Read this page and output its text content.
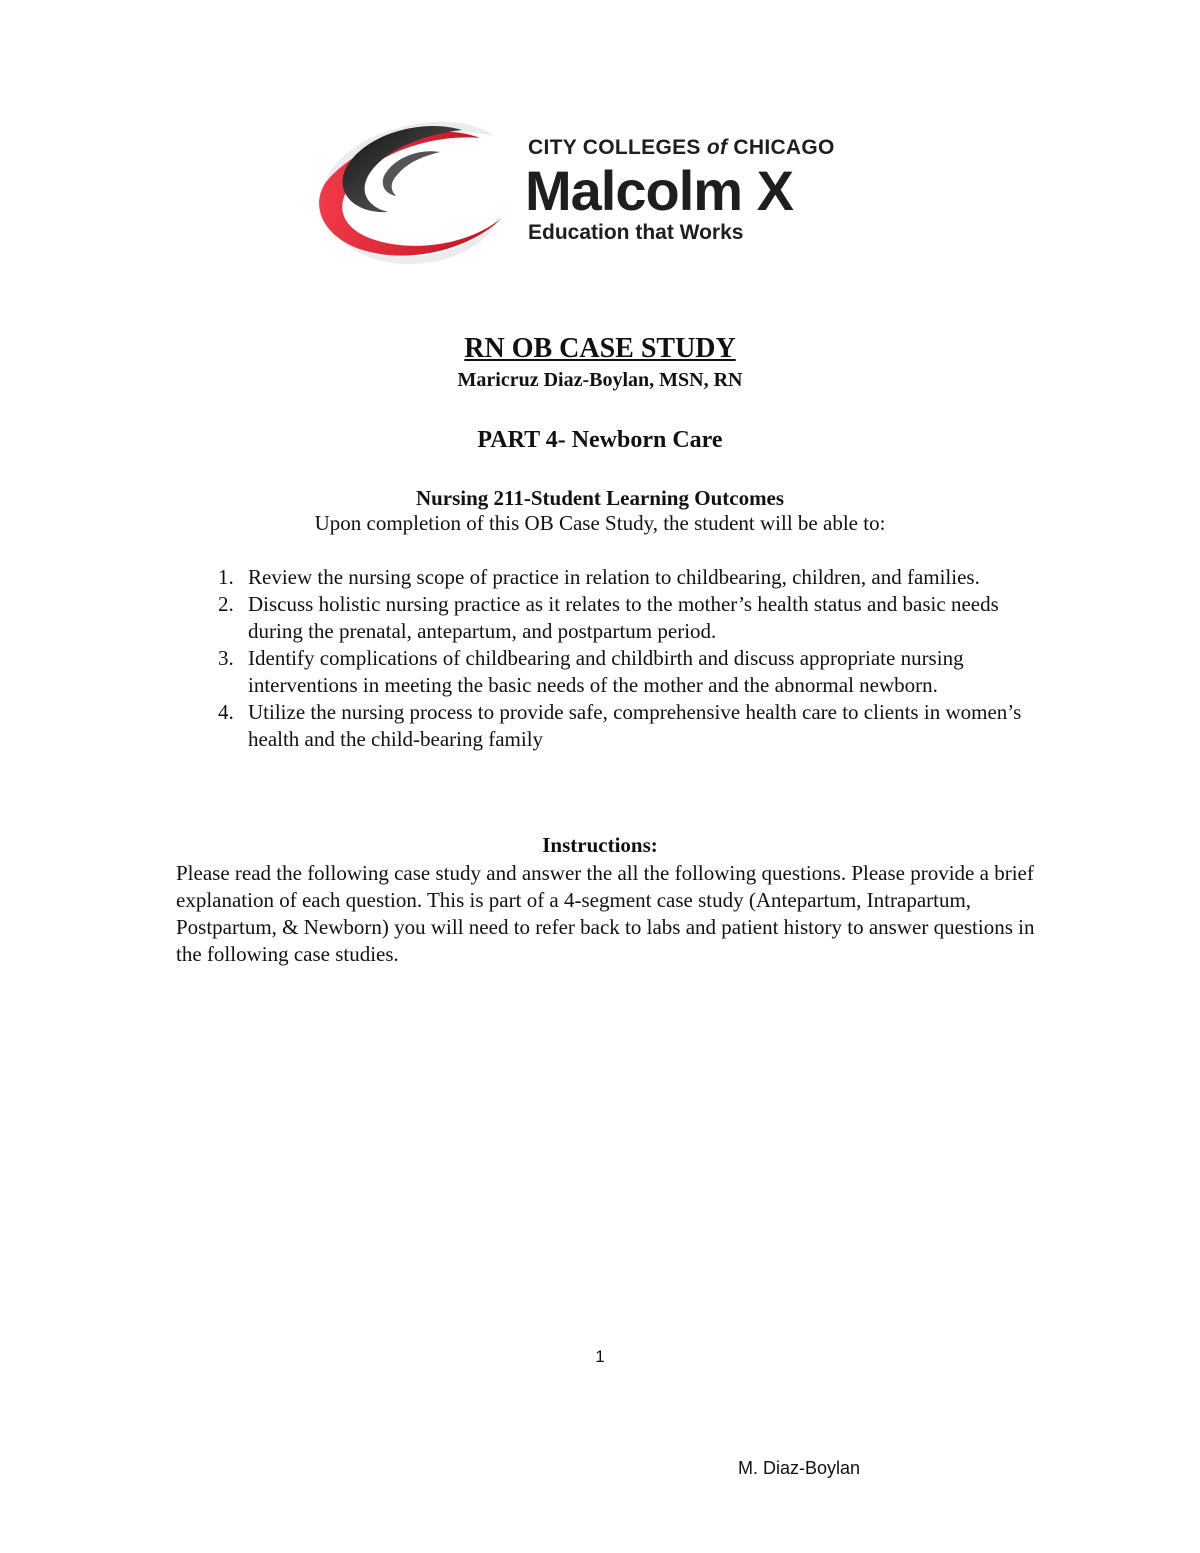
CITY COLLEGES of CHICAGO
Malcolm X
Education that Works
RN OB CASE STUDY
Maricruz Diaz-Boylan, MSN, RN
PART 4- Newborn Care
Nursing 211-Student Learning Outcomes
Upon completion of this OB Case Study, the student will be able to:
1. Review the nursing scope of practice in relation to childbearing, children, and families.
2. Discuss holistic nursing practice as it relates to the mother’s health status and basic needs during the prenatal, antepartum, and postpartum period.
3. Identify complications of childbearing and childbirth and discuss appropriate nursing interventions in meeting the basic needs of the mother and the abnormal newborn.
4. Utilize the nursing process to provide safe, comprehensive health care to clients in women’s health and the child-bearing family
Instructions:
Please read the following case study and answer the all the following questions. Please provide a brief explanation of each question. This is part of a 4-segment case study (Antepartum, Intrapartum, Postpartum, & Newborn) you will need to refer back to labs and patient history to answer questions in the following case studies.
1
M. Diaz-Boylan
